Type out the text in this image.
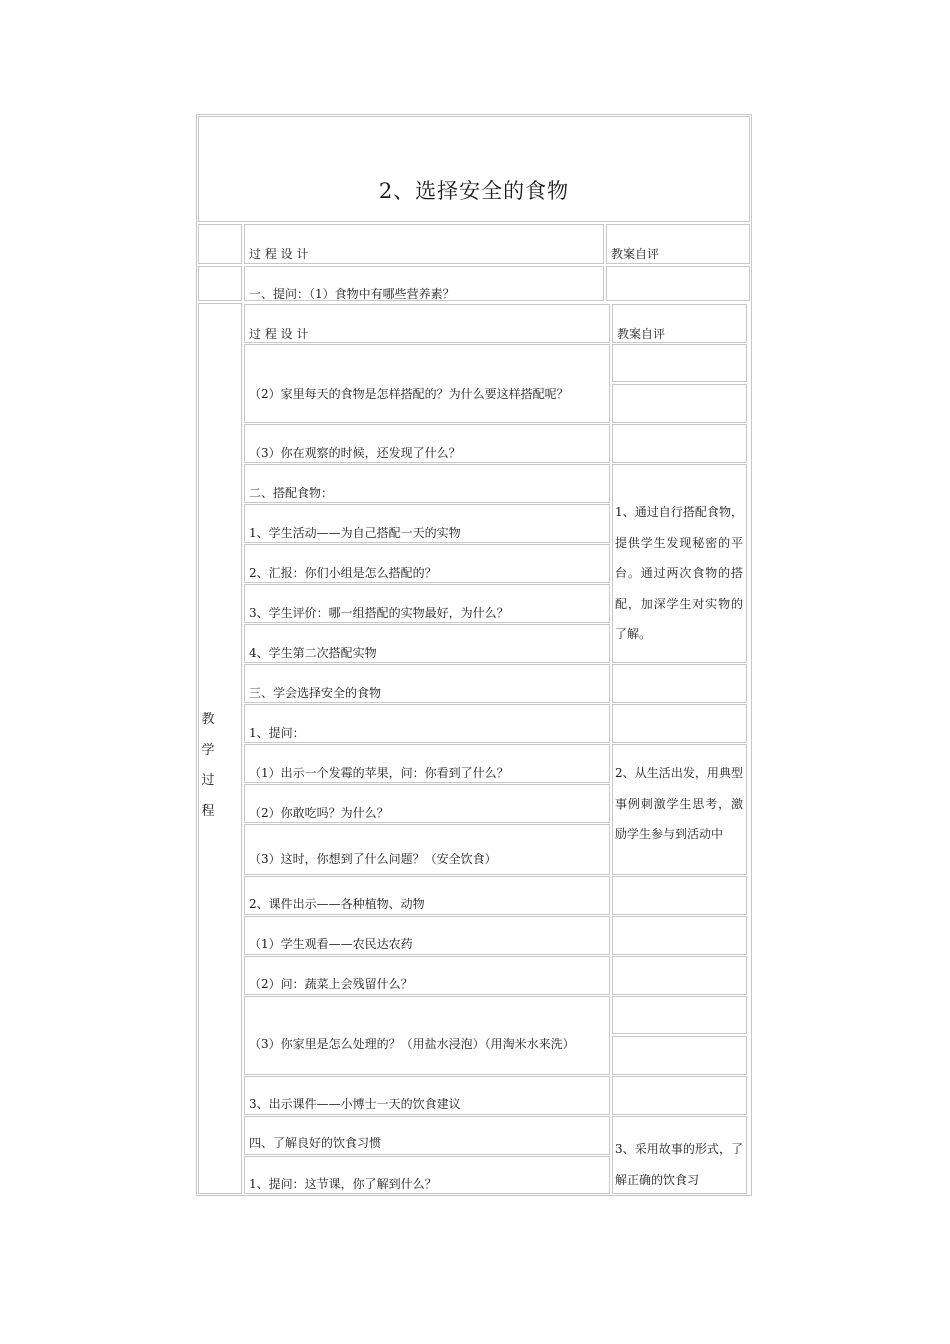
2、选择安全的食物
过 程 设 计	教案自评
一、提问：（1）食物中有哪些营养素？
教
学
过
程
过 程 设 计
（2）家里每天的食物是怎样搭配的？为什么要这样搭配呢？
（3）你在观察的时候，还发现了什么？
二、搭配食物：
1、学生活动——为自己搭配一天的实物
2、汇报：你们小组是怎么搭配的？
3、学生评价：哪一组搭配的实物最好，为什么？
4、学生第二次搭配实物
三、学会选择安全的食物
1、提问：
（1）出示一个发霉的苹果，问：你看到了什么？
（2）你敢吃吗？为什么？
（3）这时，你想到了什么问题？（安全饮食）
2、课件出示——各种植物、动物
（1）学生观看——农民达农药
（2）问：蔬菜上会残留什么？
（3）你家里是怎么处理的？（用盐水浸泡）（用淘米水来洗）
3、出示课件——小博士一天的饮食建议
四、了解良好的饮食习惯
1、提问：这节课，你了解到什么？
教案自评
1、通过自行搭配食物，提供学生发现秘密的平台。通过两次食物的搭配，加深学生对实物的了解。
2、从生活出发，用典型事例刺激学生思考，激励学生参与到活动中
3、采用故事的形式，了解正确的饮食习
